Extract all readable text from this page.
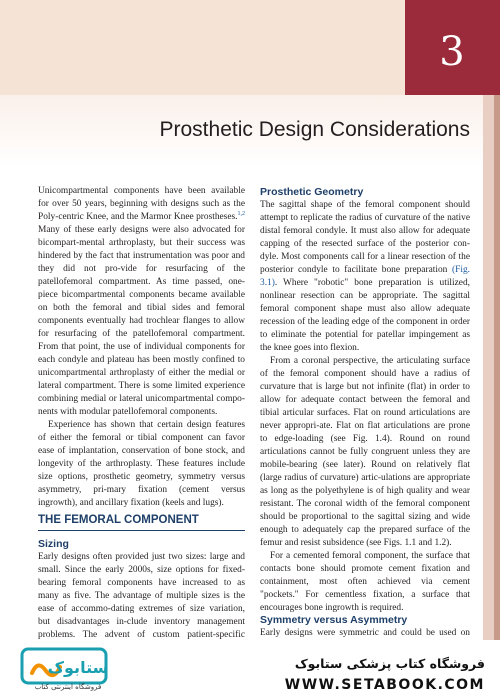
3
Prosthetic Design Considerations

Unicompartmental components have been available for over 50 years, beginning with designs such as the Poly-centric Knee, and the Marmor Knee prostheses.$^{1,2}$ Many of these early designs were also advocated for bicompart-mental arthroplasty, but their success was hindered by the fact that instrumentation was poor and they did not pro-vide for resurfacing of the patellofemoral compartment. As time passed, one-piece bicompartmental components became available on both the femoral and tibial sides and femoral components eventually had trochlear flanges to allow for resurfacing of the patellofemoral compartment. From that point, the use of individual components for each condyle and plateau has been mostly confined to unicompartmental arthroplasty of either the medial or lateral compartment. There is some limited experience combining medial or lateral unicompartmental compo-nents with modular patellofemoral components.

Experience has shown that certain design features of either the femoral or tibial component can favor ease of implantation, conservation of bone stock, and longevity of the arthroplasty. These features include size options, prosthetic geometry, symmetry versus asymmetry, pri-mary fixation (cement versus ingrowth), and ancillary fixation (keels and lugs).

THE FEMORAL COMPONENT
Sizing

Early designs often provided just two sizes: large and small. Since the early 2000s, size options for fixed-bearing femoral components have increased to as many as five. The advantage of multiple sizes is the ease of accommo-dating extremes of size variation, but disadvantages in-clude inventory management problems. The advent of custom patient-specific

Prosthetic Geometry

The sagittal shape of the femoral component should attempt to replicate the radius of curvature of the native distal femoral condyle. It must also allow for adequate capping of the resected surface of the posterior con-dyle. Most components call for a linear resection of the posterior condyle to facilitate bone preparation (Fig. 3.1). Where "robotic" bone preparation is utilized, nonlinear resection can be appropriate. The sagittal femoral component shape must also allow adequate recession of the leading edge of the component in order to eliminate the potential for patellar impingement as the knee goes into flexion.

From a coronal perspective, the articulating surface of the femoral component should have a radius of curvature that is large but not infinite (flat) in order to allow for adequate contact between the femoral and tibial articular surfaces. Flat on round articulations are never appropri-ate. Flat on flat articulations are prone to edge-loading (see Fig. 1.4). Round on round articulations cannot be fully congruent unless they are mobile-bearing (see later). Round on relatively flat (large radius of curvature) artic-ulations are appropriate as long as the polyethylene is of high quality and wear resistant. The coronal width of the femoral component should be proportional to the sagittal sizing and wide enough to adequately cap the prepared surface of the femur and resist subsidence (see Figs. 1.1 and 1.2).

For a cemented femoral component, the surface that contacts bone should promote cement fixation and containment, most often achieved via cement "pockets." For cementless fixation, a surface that encourages bone ingrowth is required.

Symmetry versus Asymmetry

Early designs were symmetric and could be used on

ستابوک
فروشگاه اینترنتی کتاب
فروشگاه کتاب پزشکی ستابوک
WWW.SETABOOK.COM
